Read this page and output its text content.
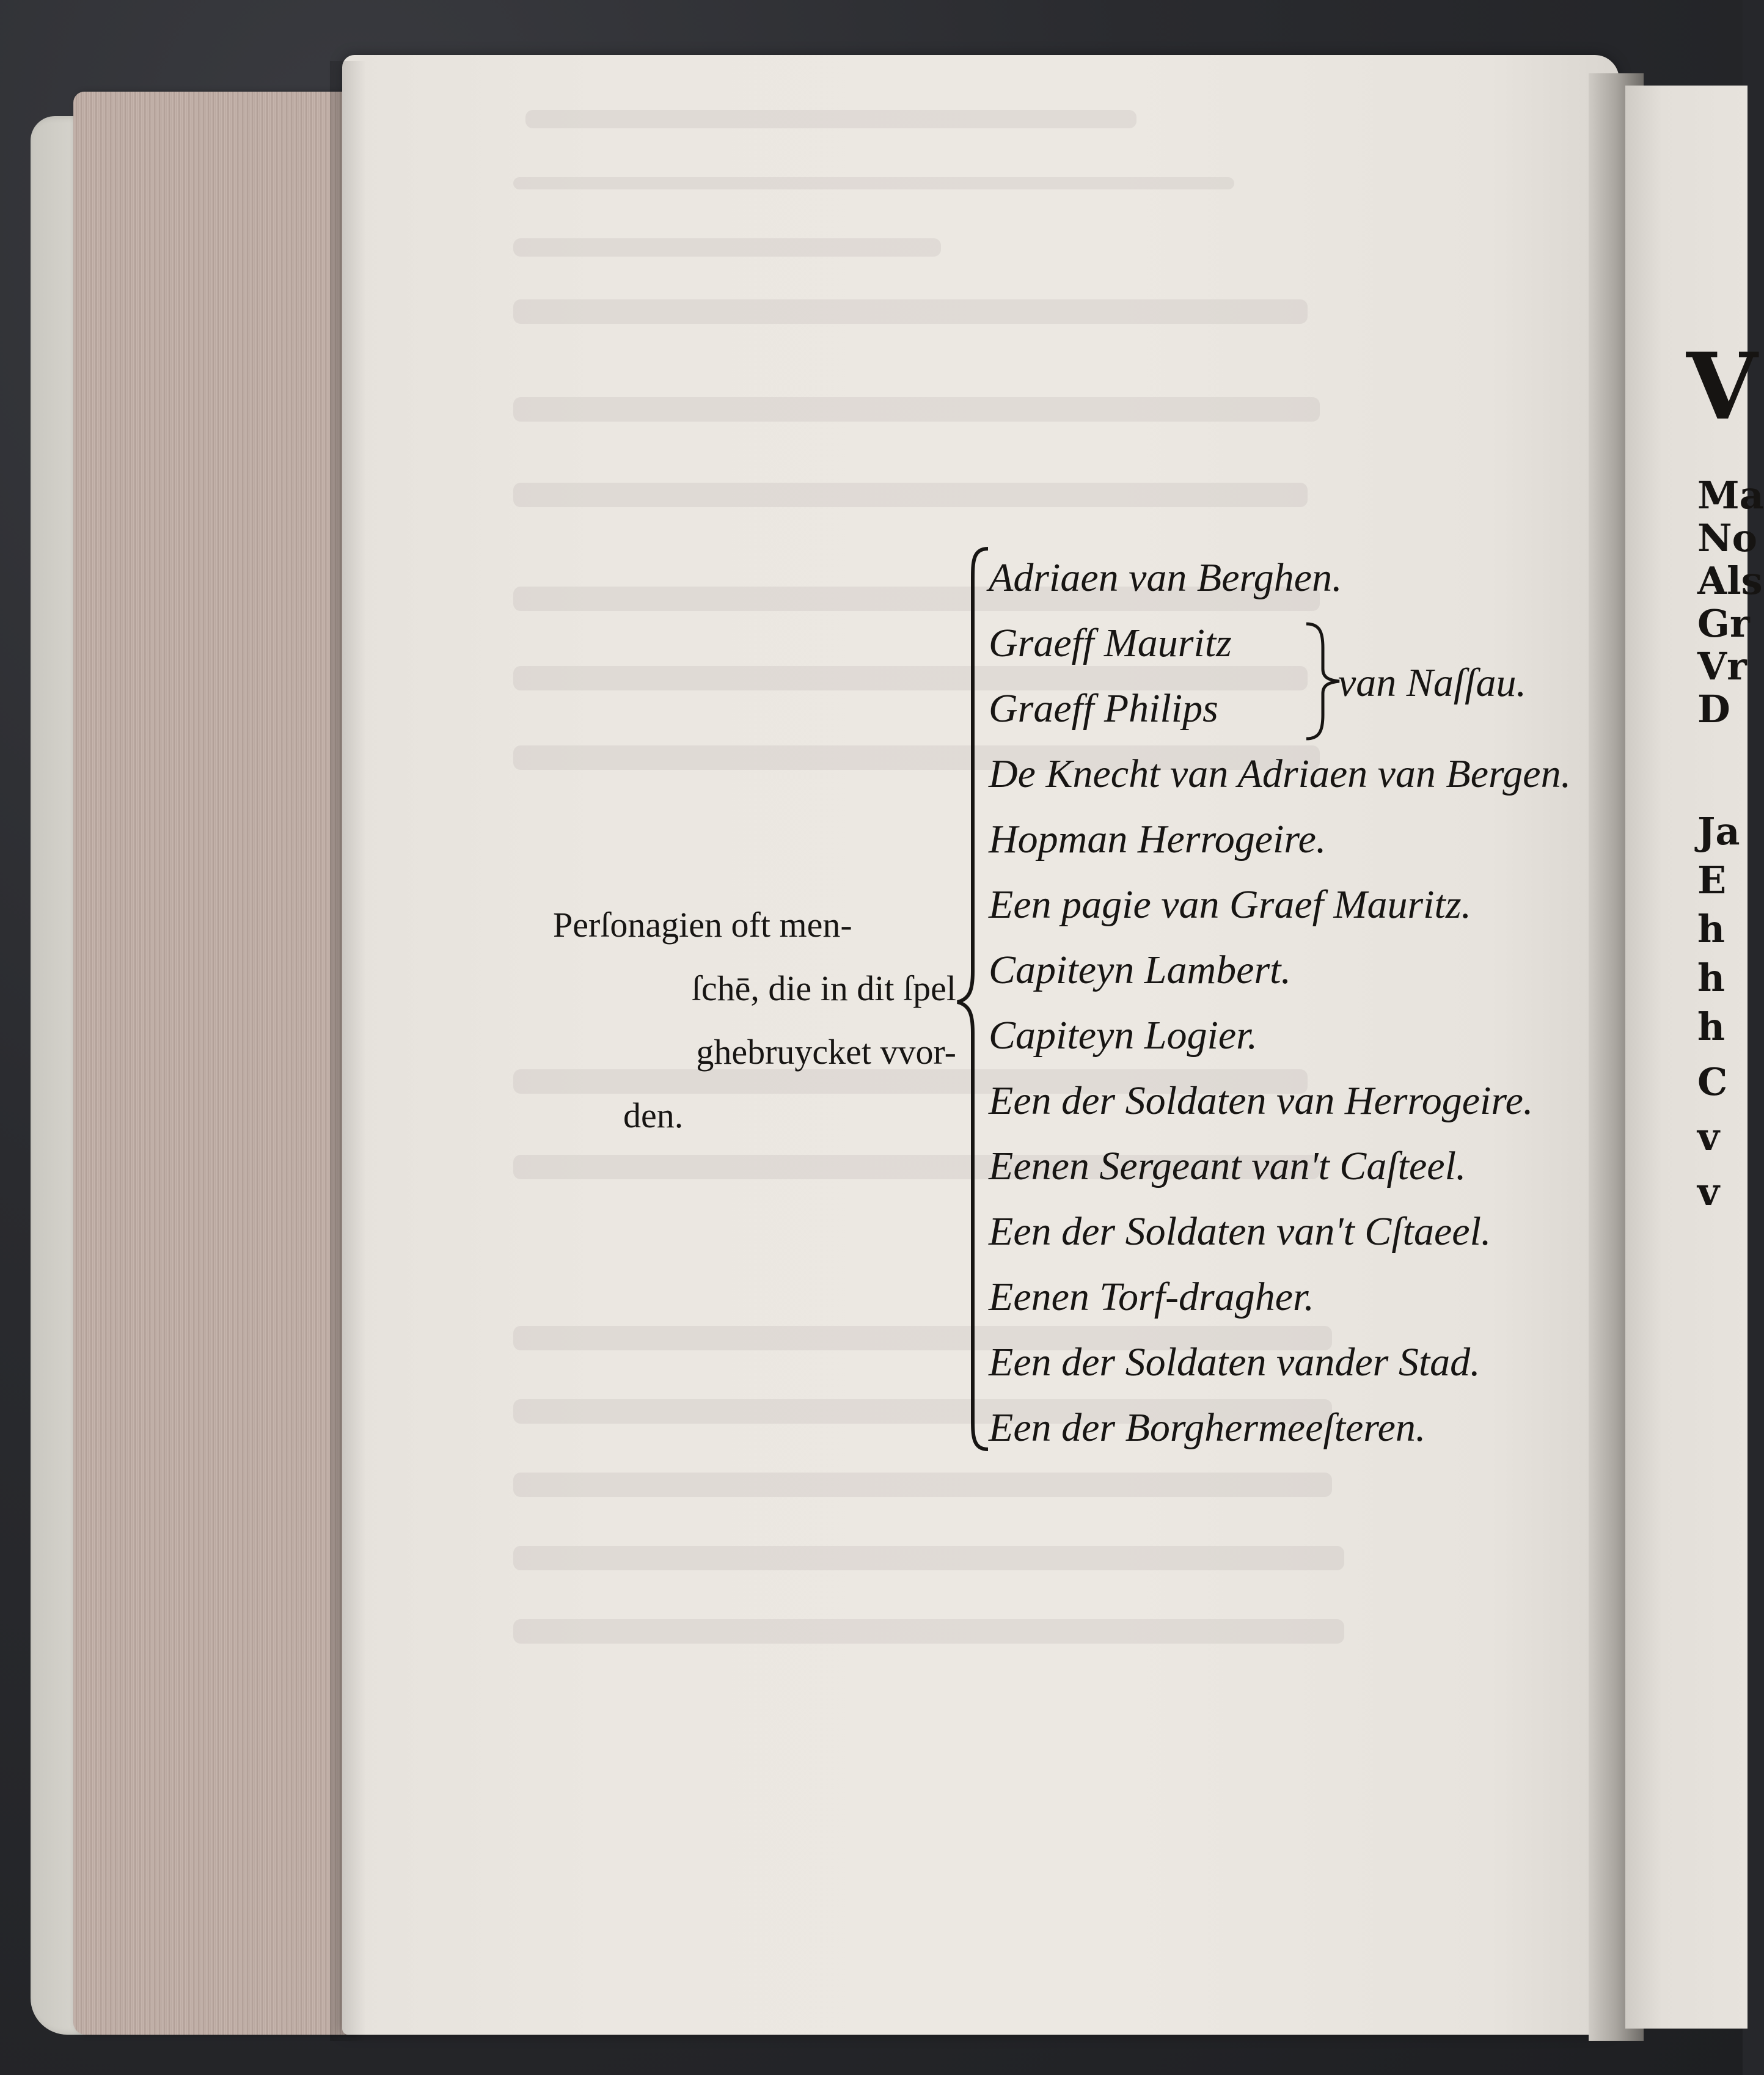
V
Ma
No
Als
Gr
Vr
D
Ja
E
h
h
h
C
v
v
Perſonagien oft men-
ſchē, die in dit ſpel
ghebruycket vvor-
den.
Adriaen van Berghen.
Graeff Mauritz
Graeff Philips
De Knecht van Adriaen van Bergen.
Hopman Herrogeire.
Een pagie van Graef Mauritz.
Capiteyn Lambert.
Capiteyn Logier.
Een der Soldaten van Herrogeire.
Eenen Sergeant van't Caſteel.
Een der Soldaten van't Cſtaeel.
Eenen Torf-dragher.
Een der Soldaten vander Stad.
Een der Borghermeeſteren.
van Naſſau.
